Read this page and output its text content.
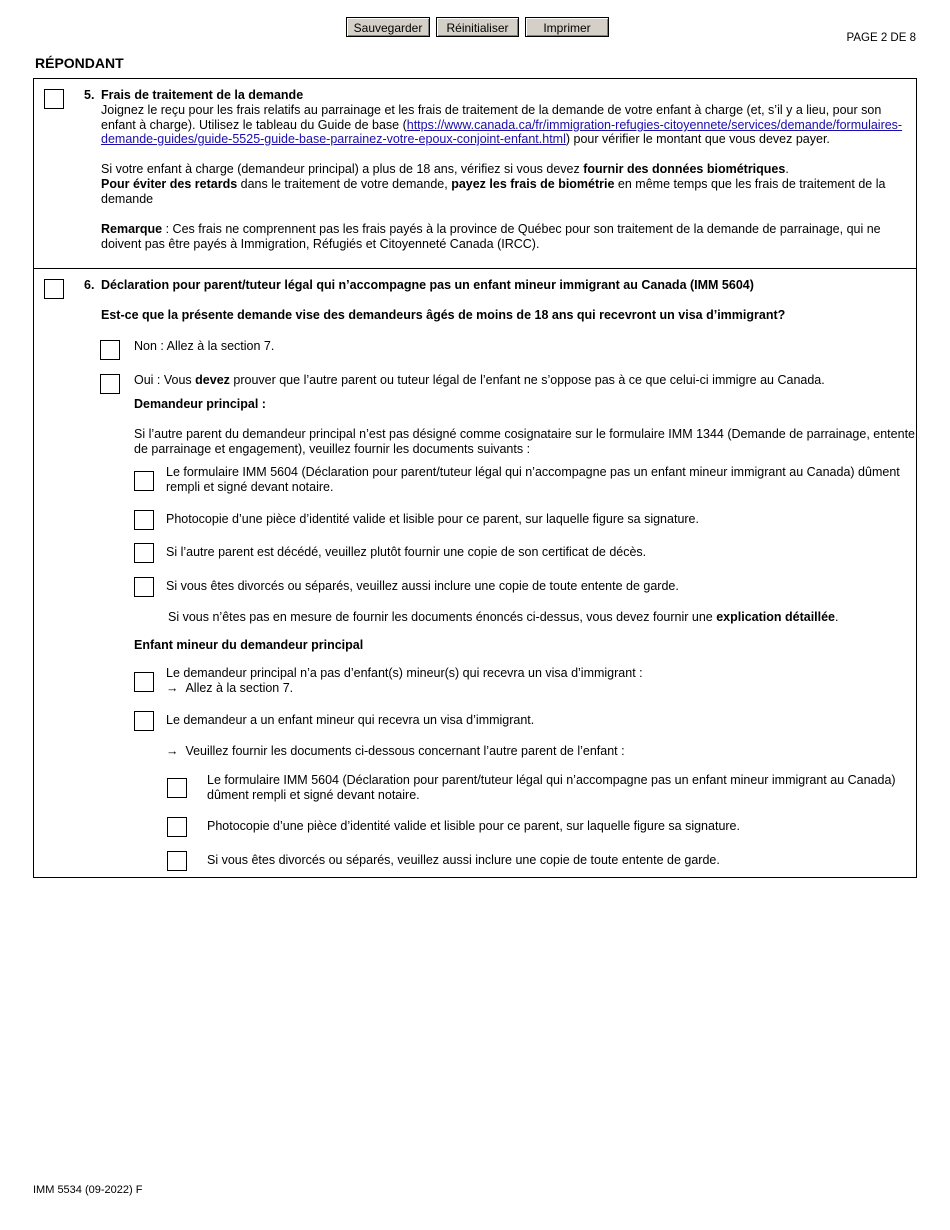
Sauvegarder	Réinitialiser	Imprimer
PAGE 2 DE 8
RÉPONDANT
5. Frais de traitement de la demande
Joignez le reçu pour les frais relatifs au parrainage et les frais de traitement de la demande de votre enfant à charge (et, s’il y a lieu, pour son
enfant à charge). Utilisez le tableau du Guide de base (https://www.canada.ca/fr/immigration-refugies-citoyennete/services/demande/formulaires-
demande-guides/guide-5525-guide-base-parrainez-votre-epoux-conjoint-enfant.html) pour vérifier le montant que vous devez payer.
Si votre enfant à charge (demandeur principal) a plus de 18 ans, vérifiez si vous devez fournir des données biométriques.
Pour éviter des retards dans le traitement de votre demande, payez les frais de biométrie en même temps que les frais de traitement de la
demande
Remarque : Ces frais ne comprennent pas les frais payés à la province de Québec pour son traitement de la demande de parrainage, qui ne
doivent pas être payés à Immigration, Réfugiés et Citoyenneté Canada (IRCC).
6. Déclaration pour parent/tuteur légal qui n’accompagne pas un enfant mineur immigrant au Canada (IMM 5604)
Est-ce que la présente demande vise des demandeurs âgés de moins de 18 ans qui recevront un visa d’immigrant?
Non : Allez à la section 7.
Oui : Vous devez prouver que l’autre parent ou tuteur légal de l’enfant ne s’oppose pas à ce que celui-ci immigre au Canada.
Demandeur principal :
Si l’autre parent du demandeur principal n’est pas désigné comme cosignataire sur le formulaire IMM 1344 (Demande de parrainage, entente
de parrainage et engagement), veuillez fournir les documents suivants :
Le formulaire IMM 5604 (Déclaration pour parent/tuteur légal qui n’accompagne pas un enfant mineur immigrant au Canada) dûment
rempli et signé devant notaire.
Photocopie d’une pièce d’identité valide et lisible pour ce parent, sur laquelle figure sa signature.
Si l’autre parent est décédé, veuillez plutôt fournir une copie de son certificat de décès.
Si vous êtes divorcés ou séparés, veuillez aussi inclure une copie de toute entente de garde.
Si vous n’êtes pas en mesure de fournir les documents énoncés ci-dessus, vous devez fournir une explication détaillée.
Enfant mineur du demandeur principal
Le demandeur principal n’a pas d’enfant(s) mineur(s) qui recevra un visa d’immigrant :
→ Allez à la section 7.
Le demandeur a un enfant mineur qui recevra un visa d’immigrant.
→ Veuillez fournir les documents ci-dessous concernant l’autre parent de l’enfant :
Le formulaire IMM 5604 (Déclaration pour parent/tuteur légal qui n’accompagne pas un enfant mineur immigrant au Canada)
dûment rempli et signé devant notaire.
Photocopie d’une pièce d’identité valide et lisible pour ce parent, sur laquelle figure sa signature.
Si vous êtes divorcés ou séparés, veuillez aussi inclure une copie de toute entente de garde.
IMM 5534 (09-2022) F
